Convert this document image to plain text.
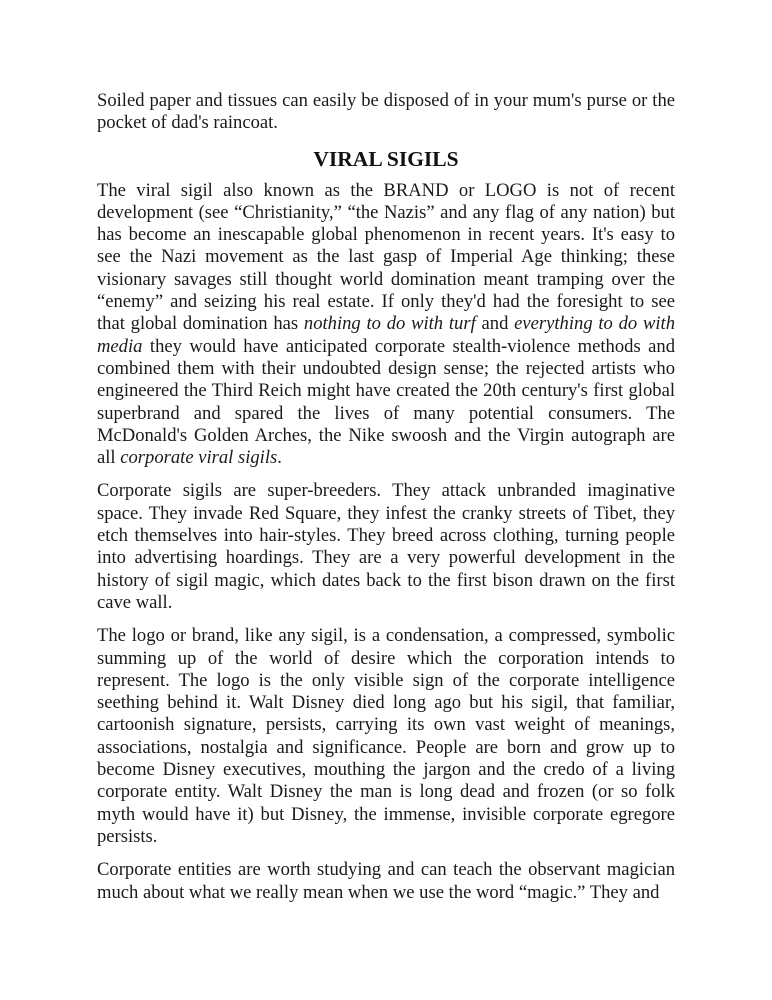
Soiled paper and tissues can easily be disposed of in your mum's purse or the pocket of dad's raincoat.

VIRAL SIGILS

The viral sigil also known as the BRAND or LOGO is not of recent development (see “Christianity,” “the Nazis” and any flag of any nation) but has become an inescapable global phenomenon in recent years. It's easy to see the Nazi movement as the last gasp of Imperial Age thinking; these visionary savages still thought world domination meant tramping over the “enemy” and seizing his real estate. If only they'd had the foresight to see that global domination has nothing to do with turf and everything to do with media they would have anticipated corporate stealth-violence methods and combined them with their undoubted design sense; the rejected artists who engineered the Third Reich might have created the 20th century's first global superbrand and spared the lives of many potential consumers. The McDonald's Golden Arches, the Nike swoosh and the Virgin autograph are all corporate viral sigils.

Corporate sigils are super-breeders. They attack unbranded imaginative space. They invade Red Square, they infest the cranky streets of Tibet, they etch themselves into hair-styles. They breed across clothing, turning people into advertising hoardings. They are a very powerful development in the history of sigil magic, which dates back to the first bison drawn on the first cave wall.

The logo or brand, like any sigil, is a condensation, a compressed, symbolic summing up of the world of desire which the corporation intends to represent. The logo is the only visible sign of the corporate intelligence seething behind it. Walt Disney died long ago but his sigil, that familiar, cartoonish signature, persists, carrying its own vast weight of meanings, associations, nostalgia and significance. People are born and grow up to become Disney executives, mouthing the jargon and the credo of a living corporate entity. Walt Disney the man is long dead and frozen (or so folk myth would have it) but Disney, the immense, invisible corporate egregore persists.

Corporate entities are worth studying and can teach the observant magician much about what we really mean when we use the word “magic.” They and
